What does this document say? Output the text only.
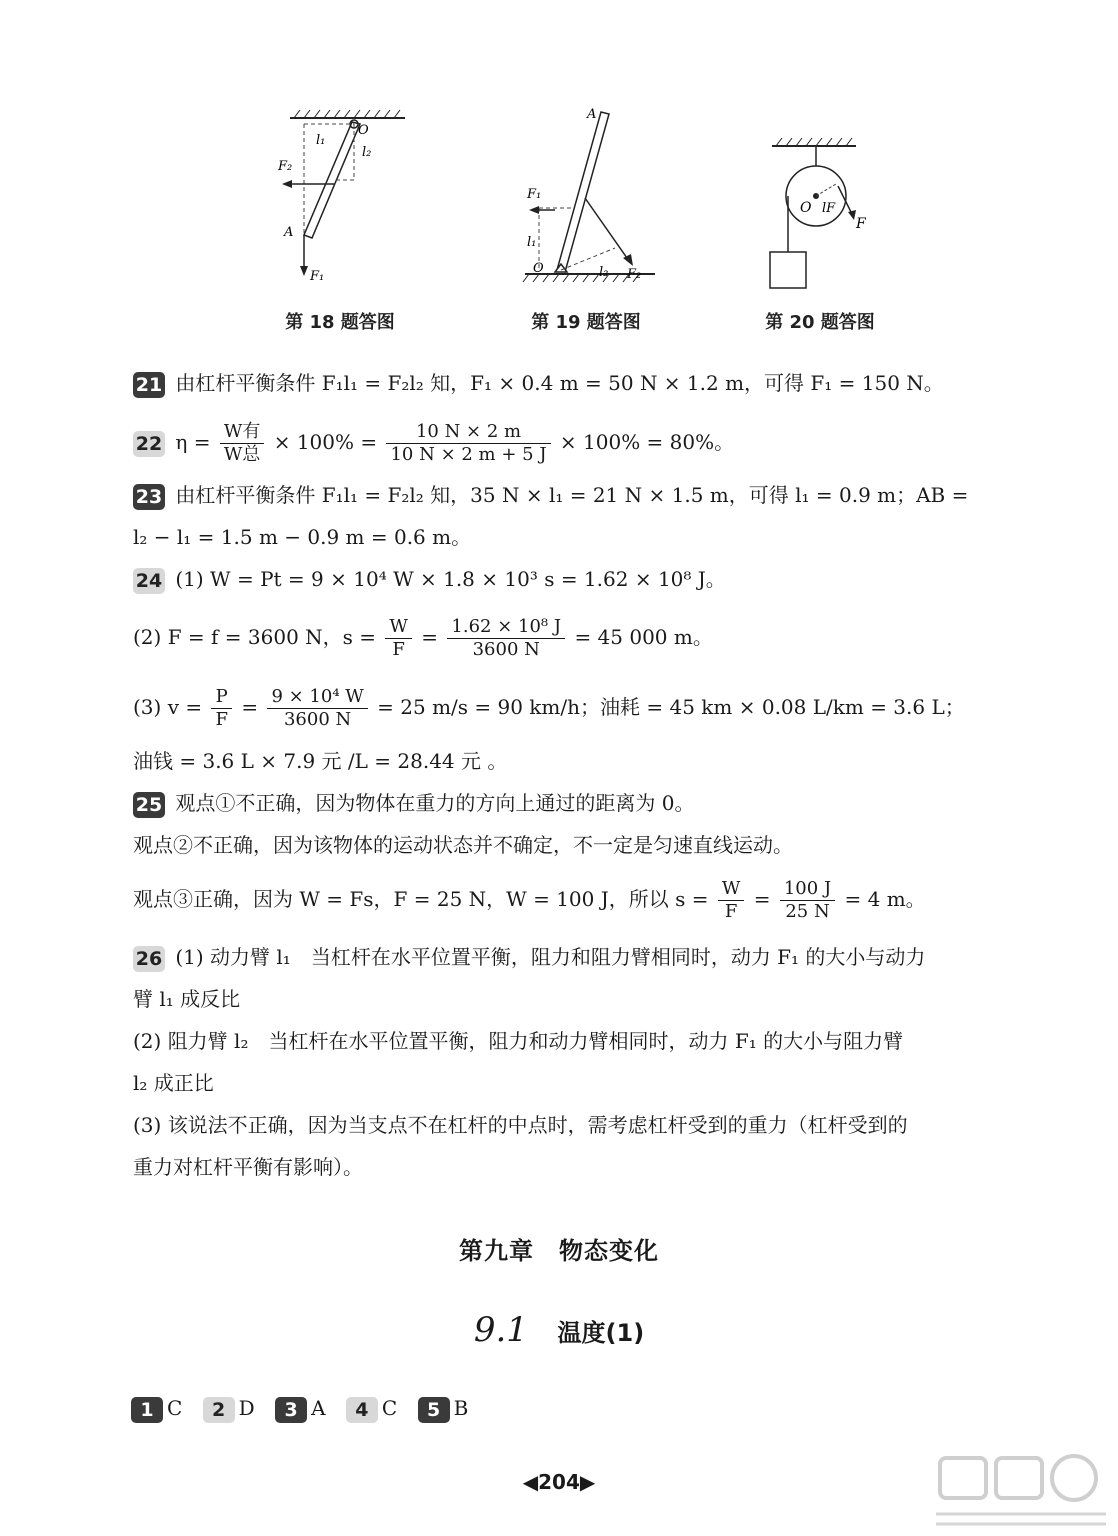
l₁
l₂
F₂
O
A
F₁
第 18 题答图
A
F₁
l₁
O	l₂ F₂
第 19 题答图
O lF
F
第 20 题答图
21 由杠杆平衡条件 F₁l₁ = F₂l₂ 知，F₁ × 0.4 m = 50 N × 1.2 m，可得 F₁ = 150 N。
22 $\eta = \frac{\text{W有}}{\text{W总}} \times 100\% = \frac{10 N \times 2 m}{10 N \times 2 m + 5 J} \times 100\% = 80\%$。
23 由杠杆平衡条件 F₁l₁ = F₂l₂ 知，35 N × l₁ = 21 N × 1.5 m，可得 l₁ = 0.9 m；AB =
l₂ − l₁ = 1.5 m − 0.9 m = 0.6 m。
24 (1) W = Pt = 9 × 10⁴ W × 1.8 × 10³ s = 1.62 × 10⁸ J。
(2) F = f = 3600 N，$s = \frac{W}{F} = \frac{\text{1.62 × 10⁸ J}}{3600 N} = 45$ 000 m。
(3) $v = \frac{P}{F} = \frac{\text{9 × 10⁴ W}}{3600 N} = 25$ m/s = 90 km/h；油耗 = 45 km × 0.08 L/km = 3.6 L；
油钱 = 3.6 L × 7.9 元 /L = 28.44 元 。
25 观点①不正确，因为物体在重力的方向上通过的距离为 0。
观点②不正确，因为该物体的运动状态并不确定，不一定是匀速直线运动。
观点③正确，因为 W = Fs，F = 25 N，W = 100 J，所以 $s = \frac{W}{F} = \frac{100 J}{25 N} = 4$ m。
26 (1) 动力臂 l₁　当杠杆在水平位置平衡，阻力和阻力臂相同时，动力 F₁ 的大小与动力
臂 l₁ 成反比
(2) 阻力臂 l₂　当杠杆在水平位置平衡，阻力和动力臂相同时，动力 F₁ 的大小与阻力臂
l₂ 成正比
(3) 该说法不正确，因为当支点不在杠杆的中点时，需考虑杠杆受到的重力（杠杆受到的
重力对杠杆平衡有影响）。
第九章　物态变化
9.1 温度(1)
1 C 2 D 3 A 4 C 5 B
◀204▶
